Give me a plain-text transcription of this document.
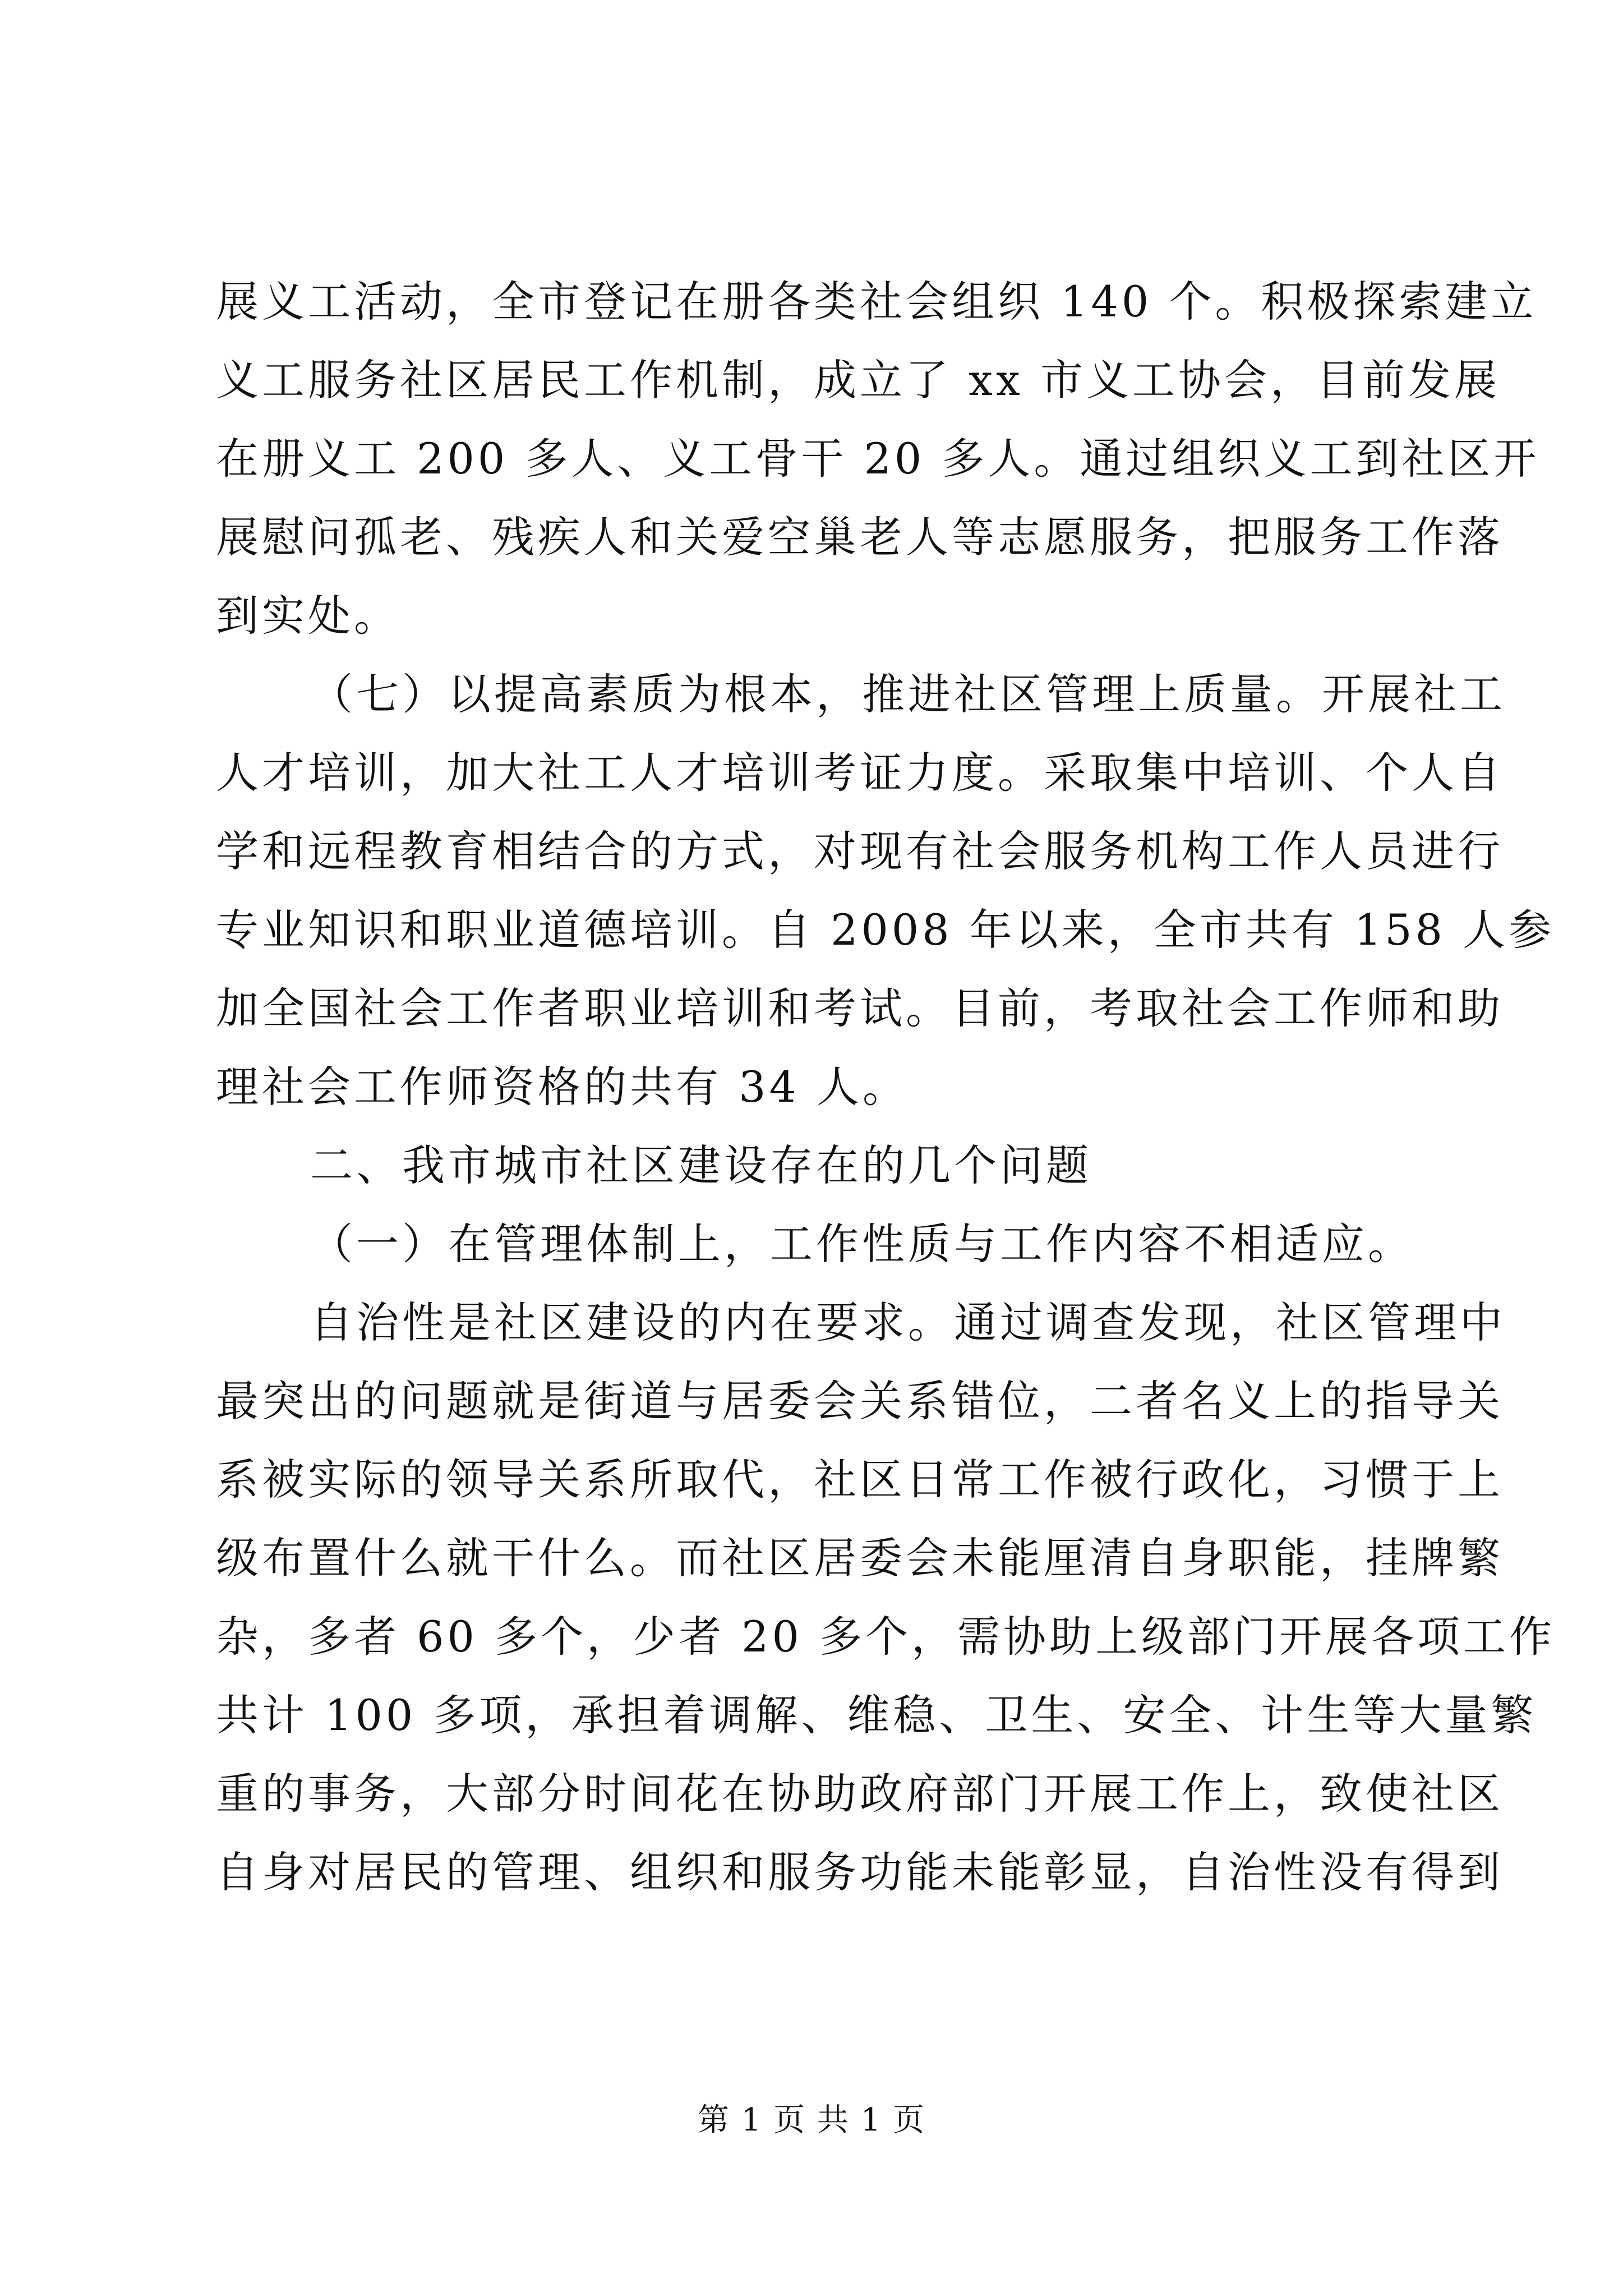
展义工活动，全市登记在册各类社会组织 140 个。积极探索建立
义工服务社区居民工作机制，成立了 xx 市义工协会，目前发展
在册义工 200 多人、义工骨干 20 多人。通过组织义工到社区开
展慰问孤老、残疾人和关爱空巢老人等志愿服务，把服务工作落
到实处。
（七）以提高素质为根本，推进社区管理上质量。开展社工
人才培训，加大社工人才培训考证力度。采取集中培训、个人自
学和远程教育相结合的方式，对现有社会服务机构工作人员进行
专业知识和职业道德培训。自 2008 年以来，全市共有 158 人参
加全国社会工作者职业培训和考试。目前，考取社会工作师和助
理社会工作师资格的共有 34 人。
二、我市城市社区建设存在的几个问题
（一）在管理体制上，工作性质与工作内容不相适应。
自治性是社区建设的内在要求。通过调查发现，社区管理中
最突出的问题就是街道与居委会关系错位，二者名义上的指导关
系被实际的领导关系所取代，社区日常工作被行政化，习惯于上
级布置什么就干什么。而社区居委会未能厘清自身职能，挂牌繁
杂，多者 60 多个，少者 20 多个，需协助上级部门开展各项工作
共计 100 多项，承担着调解、维稳、卫生、安全、计生等大量繁
重的事务，大部分时间花在协助政府部门开展工作上，致使社区
自身对居民的管理、组织和服务功能未能彰显，自治性没有得到
第 1 页 共 1 页
